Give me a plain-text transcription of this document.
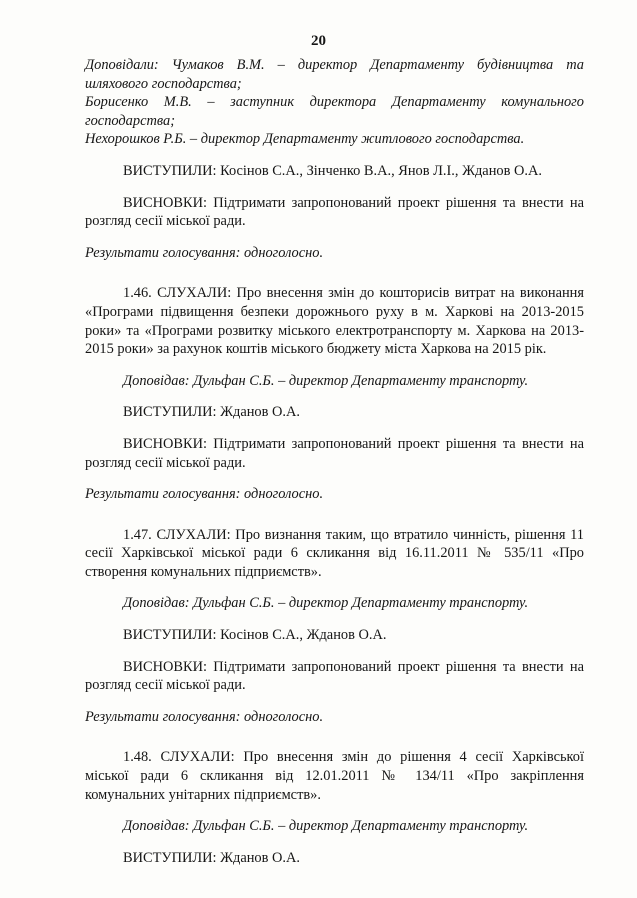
20

Доповідали: Чумаков В.М. – директор Департаменту будівництва та шляхового господарства;

Борисенко М.В. – заступник директора Департаменту комунального господарства;

Нехорошков Р.Б. – директор Департаменту житлового господарства.

ВИСТУПИЛИ: Косінов С.А., Зінченко В.А., Янов Л.І., Жданов О.А.

ВИСНОВКИ: Підтримати запропонований проект рішення та внести на розгляд сесії міської ради.

Результати голосування: одноголосно.

1.46. СЛУХАЛИ: Про внесення змін до кошторисів витрат на виконання «Програми підвищення безпеки дорожнього руху в м. Харкові на 2013-2015 роки» та «Програми розвитку міського електротранспорту м. Харкова на 2013-2015 роки» за рахунок коштів міського бюджету міста Харкова на 2015 рік.

Доповідав: Дульфан С.Б. – директор Департаменту транспорту.

ВИСТУПИЛИ: Жданов О.А.

ВИСНОВКИ: Підтримати запропонований проект рішення та внести на розгляд сесії міської ради.

Результати голосування: одноголосно.

1.47. СЛУХАЛИ: Про визнання таким, що втратило чинність, рішення 11 сесії Харківської міської ради 6 скликання від 16.11.2011 № 535/11 «Про створення комунальних підприємств».

Доповідав: Дульфан С.Б. – директор Департаменту транспорту.

ВИСТУПИЛИ: Косінов С.А., Жданов О.А.

ВИСНОВКИ: Підтримати запропонований проект рішення та внести на розгляд сесії міської ради.

Результати голосування: одноголосно.

1.48. СЛУХАЛИ: Про внесення змін до рішення 4 сесії Харківської міської ради 6 скликання від 12.01.2011 № 134/11 «Про закріплення комунальних унітарних підприємств».

Доповідав: Дульфан С.Б. – директор Департаменту транспорту.

ВИСТУПИЛИ: Жданов О.А.
